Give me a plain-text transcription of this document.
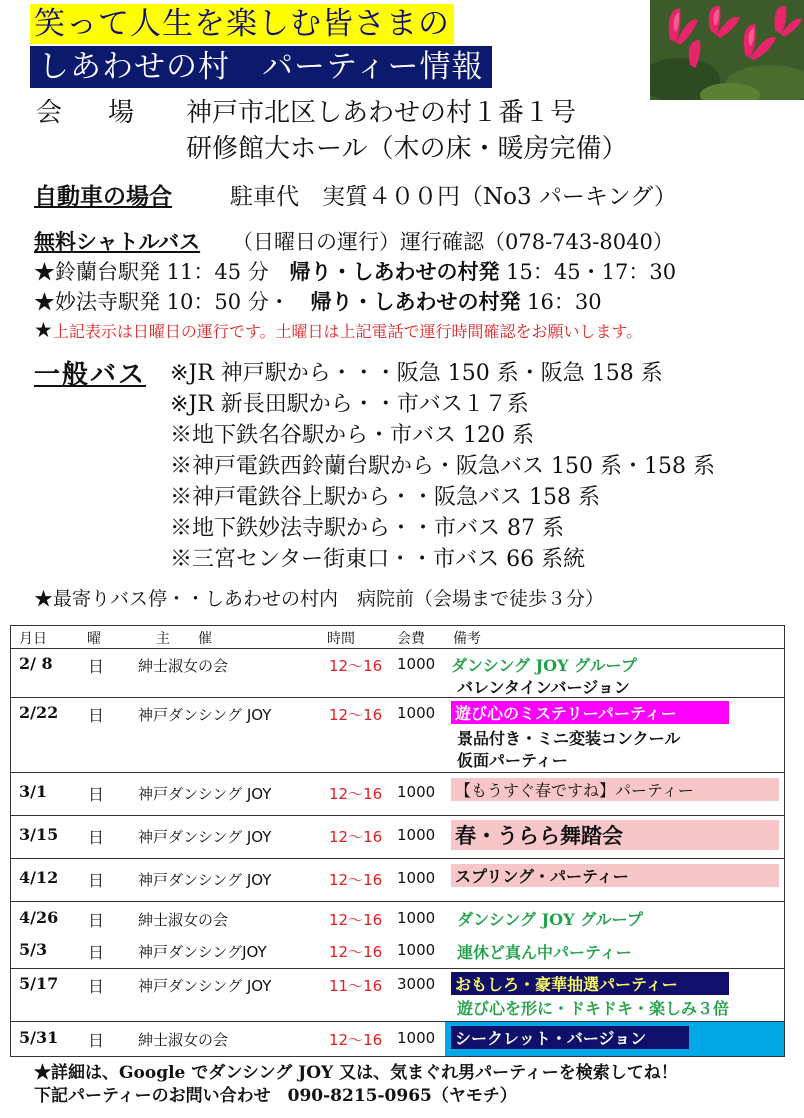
笑って人生を楽しむ皆さまの
しあわせの村　パーティー情報
会　場 神戸市北区しあわせの村１番１号
研修館大ホール（木の床・暖房完備）
自動車の場合	駐車代　実質４００円（No3 パーキング）
無料シャトルバス （日曜日の運行）運行確認（078-743-8040）
★鈴蘭台駅発 11：45 分 帰り・しあわせの村発 15：45・17：30
★妙法寺駅発 10：50 分・ 帰り・しあわせの村発 16：30
★上記表示は日曜日の運行です。土曜日は上記電話で運行時間確認をお願いします。
一般バス ※JR 神戸駅から・・・阪急 150 系・阪急 158 系
※JR 新長田駅から・・市バス１７系
※地下鉄名谷駅から・市バス 120 系
※神戸電鉄西鈴蘭台駅から・阪急バス 150 系・158 系
※神戸電鉄谷上駅から・・阪急バス 158 系
※地下鉄妙法寺駅から・・市バス 87 系
※三宮センター街東口・・市バス 66 系統
★最寄りバス停・・しあわせの村内　病院前（会場まで徒歩３分）
月日	曜	主　　催	時間	会費 備考
2/ 8 日 紳士淑女の会	12〜16 1000 ダンシング JOY グループ
バレンタインバージョン
2/22 日 神戸ダンシング JOY	12〜16 1000 遊び心のミステリーパーティー
景品付き・ミニ変装コンクール
仮面パーティー
3/1	日 神戸ダンシング JOY	12〜16 1000 【もうすぐ春ですね】パーティー
3/15 日 神戸ダンシング JOY	12〜16 1000 春・うらら舞踏会
4/12 日 神戸ダンシング JOY	12〜16 1000 スプリング・パーティー
4/26 日 紳士淑女の会	12〜16 1000 ダンシング JOY グループ
5/3	日 神戸ダンシングJOY	12〜16 1000 連休ど真ん中パーティー
5/17 日 神戸ダンシング JOY	11〜16 3000 おもしろ・豪華抽選パーティー
遊び心を形に・ドキドキ・楽しみ３倍
5/31 日 紳士淑女の会	12〜16 1000 シークレット・バージョン
★詳細は、Google でダンシング JOY 又は、気まぐれ男パーティーを検索してね！
下記パーティーのお問い合わせ　090-8215-0965（ヤモチ）
